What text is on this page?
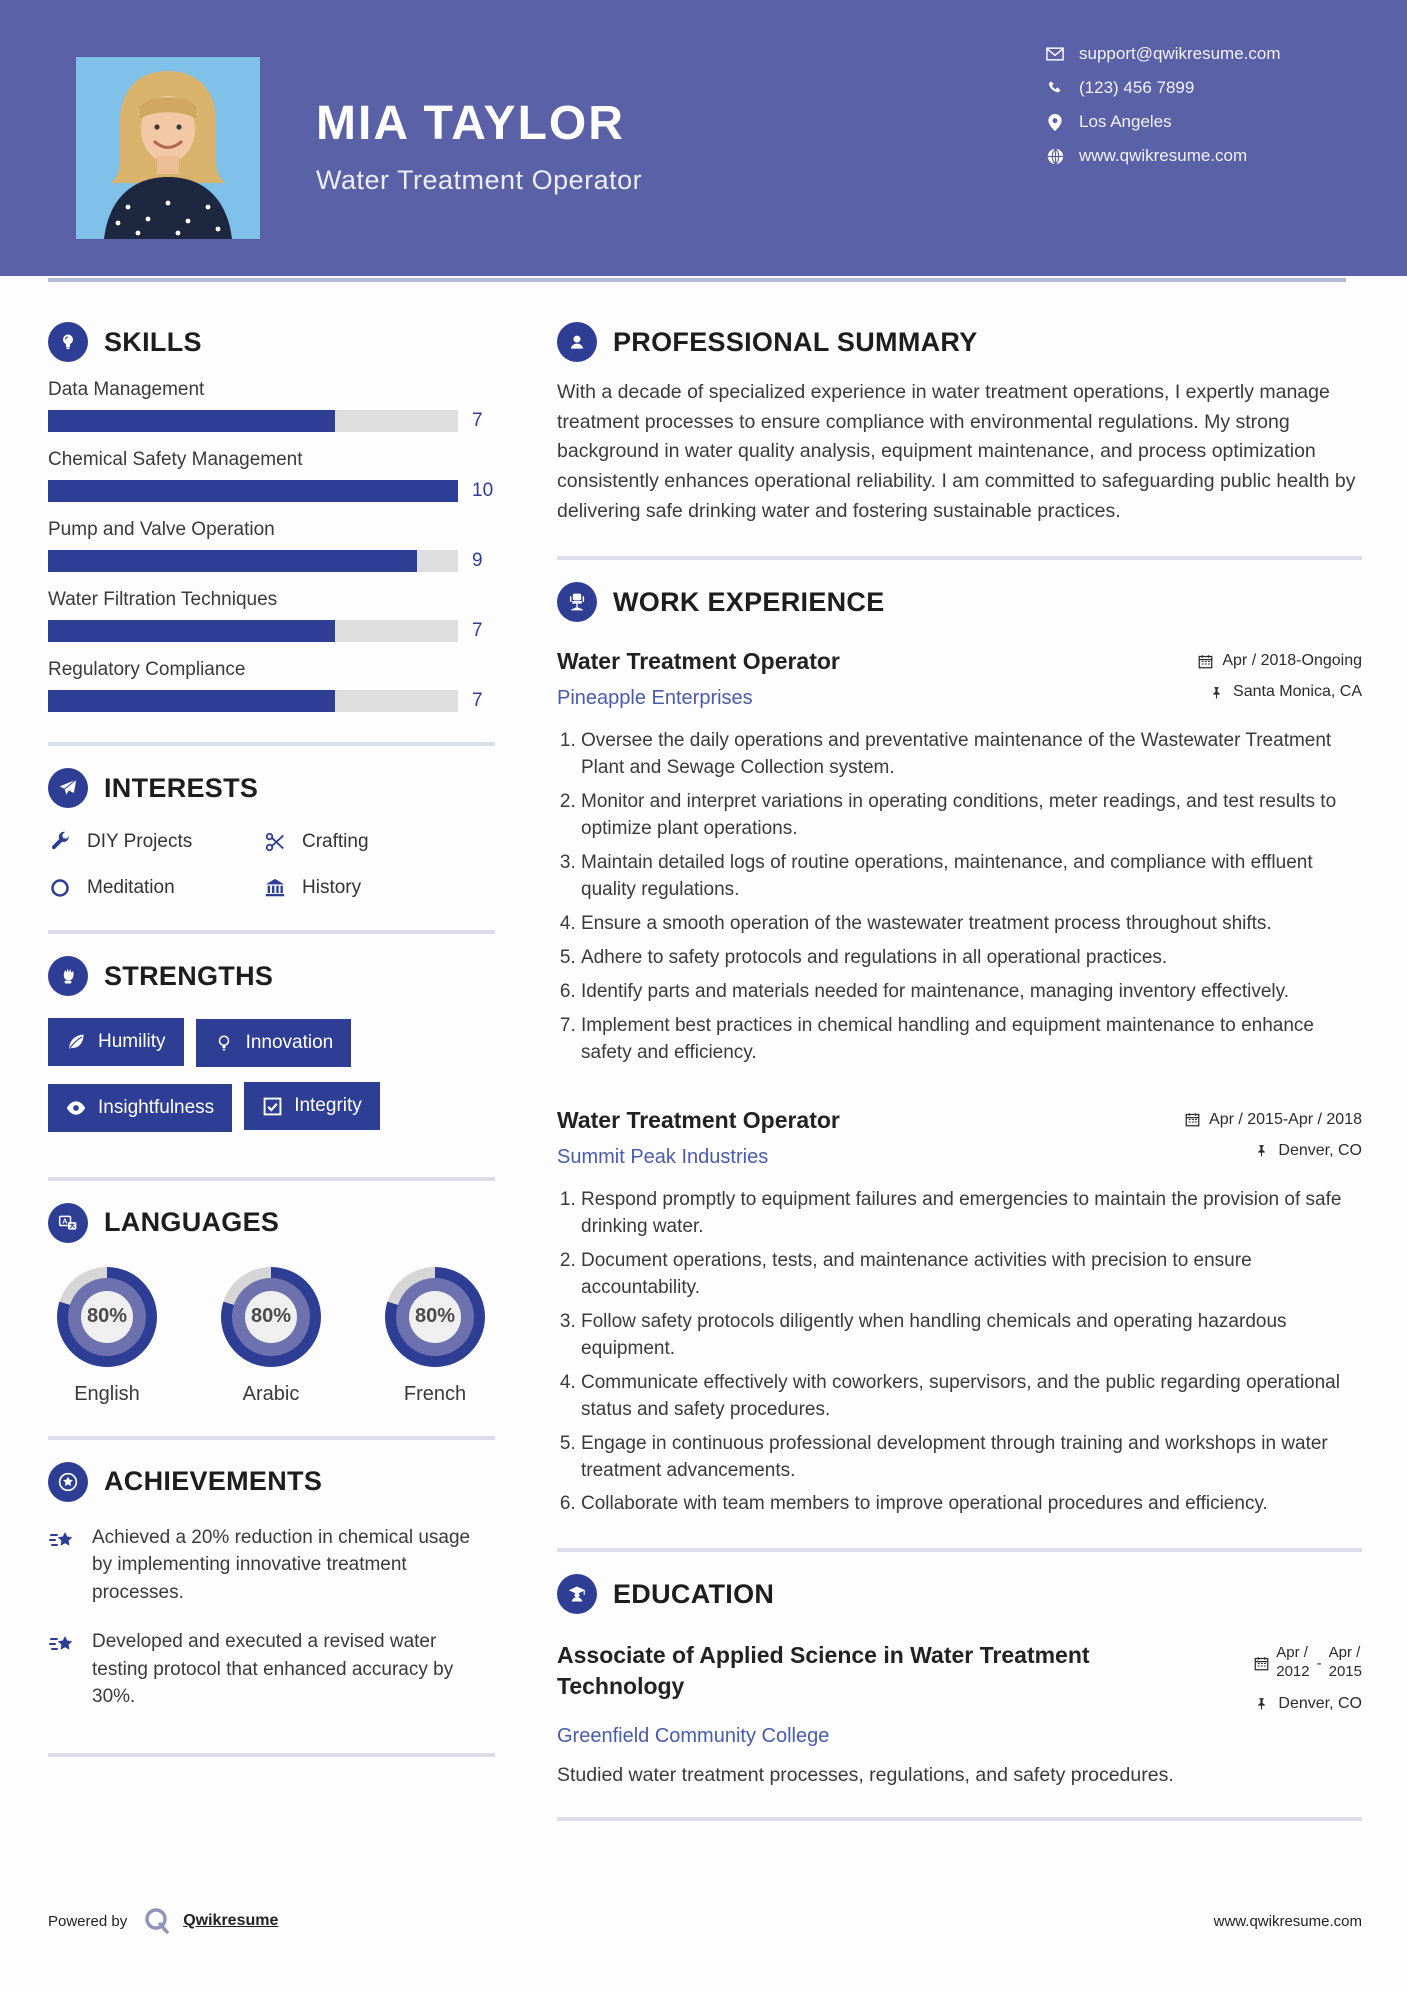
MIA TAYLOR
Water Treatment Operator
support@qwikresume.com
(123) 456 7899
Los Angeles
www.qwikresume.com
SKILLS
Data Management
7
Chemical Safety Management
10
Pump and Valve Operation
9
Water Filtration Techniques
7
Regulatory Compliance
7
INTERESTS
DIY Projects	Crafting
Meditation	History
STRENGTHS
Humility	Innovation

Insightfulness	Integrity
A LANGUAGES
80%
English
80%
Arabic
80%
French
ACHIEVEMENTS
Achieved a 20% reduction in chemical usage by implementing innovative treatment processes.
Developed and executed a revised water testing protocol that enhanced accuracy by 30%.
PROFESSIONAL SUMMARY

With a decade of specialized experience in water treatment operations, I expertly manage treatment processes to ensure compliance with environmental regulations. My strong background in water quality analysis, equipment maintenance, and process optimization consistently enhances operational reliability. I am committed to safeguarding public health by delivering safe drinking water and fostering sustainable practices.

WORK EXPERIENCE
Water Treatment Operator
Pineapple Enterprises
Apr / 2018-Ongoing
Santa Monica, CA
1. Oversee the daily operations and preventative maintenance of the Wastewater Treatment Plant and Sewage Collection system.
2. Monitor and interpret variations in operating conditions, meter readings, and test results to optimize plant operations.
3. Maintain detailed logs of routine operations, maintenance, and compliance with effluent quality regulations.
4. Ensure a smooth operation of the wastewater treatment process throughout shifts.
5. Adhere to safety protocols and regulations in all operational practices.
6. Identify parts and materials needed for maintenance, managing inventory effectively.
7. Implement best practices in chemical handling and equipment maintenance to enhance safety and efficiency.
Water Treatment Operator
Summit Peak Industries
Apr / 2015-Apr / 2018
Denver, CO
1. Respond promptly to equipment failures and emergencies to maintain the provision of safe drinking water.
2. Document operations, tests, and maintenance activities with precision to ensure accountability.
3. Follow safety protocols diligently when handling chemicals and operating hazardous equipment.
4. Communicate effectively with coworkers, supervisors, and the public regarding operational status and safety procedures.
5. Engage in continuous professional development through training and workshops in water treatment advancements.
6. Collaborate with team members to improve operational procedures and efficiency.
EDUCATION
Associate of Applied Science in Water Treatment Technology
Apr /
2012 -
Apr /
2015
Denver, CO
Greenfield Community College

Studied water treatment processes, regulations, and safety procedures.

Powered by	Qwikresume	www.qwikresume.com
